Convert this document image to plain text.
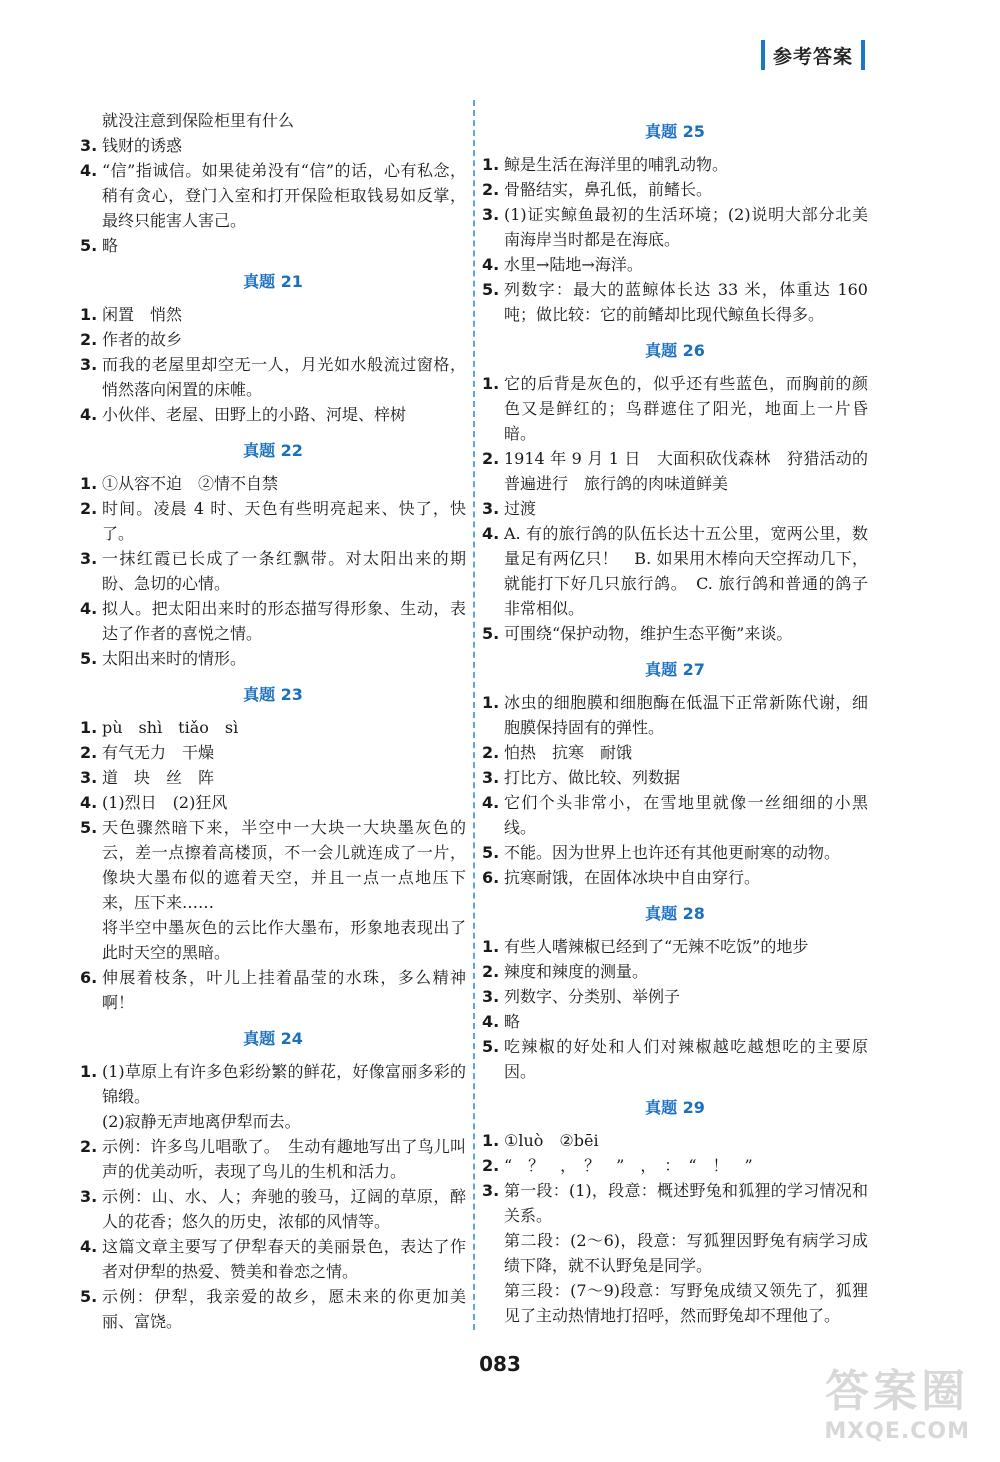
参考答案
就没注意到保险柜里有什么
3. 钱财的诱惑
4. “信”指诚信。如果徒弟没有“信”的话，心有私念，稍有贪心，登门入室和打开保险柜取钱易如反掌，最终只能害人害己。
5. 略
真题 21
1. 闲置　悄然
2. 作者的故乡
3. 而我的老屋里却空无一人，月光如水般流过窗格，悄然落向闲置的床帷。
4. 小伙伴、老屋、田野上的小路、河堤、梓树
真题 22
1. ①从容不迫　②情不自禁
2. 时间。凌晨 4 时、天色有些明亮起来、快了，快了。
3. 一抹红霞已长成了一条红飘带。对太阳出来的期盼、急切的心情。
4. 拟人。把太阳出来时的形态描写得形象、生动，表达了作者的喜悦之情。
5. 太阳出来时的情形。
真题 23
1. pù　shì　tiǎo　sì
2. 有气无力　干燥
3. 道　块　丝　阵
4. (1)烈日　(2)狂风
5. 天色骤然暗下来，半空中一大块一大块墨灰色的云，差一点擦着高楼顶，不一会儿就连成了一片，像块大墨布似的遮着天空，并且一点一点地压下来，压下来……
将半空中墨灰色的云比作大墨布，形象地表现出了此时天空的黑暗。
6. 伸展着枝条，叶儿上挂着晶莹的水珠，多么精神啊！
真题 24
1. (1)草原上有许多色彩纷繁的鲜花，好像富丽多彩的锦缎。
(2)寂静无声地离伊犁而去。
2. 示例：许多鸟儿唱歌了。　生动有趣地写出了鸟儿叫声的优美动听，表现了鸟儿的生机和活力。
3. 示例：山、水、人；奔驰的骏马，辽阔的草原，醉人的花香；悠久的历史，浓郁的风情等。
4. 这篇文章主要写了伊犁春天的美丽景色，表达了作者对伊犁的热爱、赞美和眷恋之情。
5. 示例：伊犁，我亲爱的故乡，愿未来的你更加美丽、富饶。
真题 25
1. 鲸是生活在海洋里的哺乳动物。
2. 骨骼结实，鼻孔低，前鳍长。
3. (1)证实鲸鱼最初的生活环境；(2)说明大部分北美南海岸当时都是在海底。
4. 水里→陆地→海洋。
5. 列数字：最大的蓝鲸体长达 33 米，体重达 160 吨；做比较：它的前鳍却比现代鲸鱼长得多。
真题 26
1. 它的后背是灰色的，似乎还有些蓝色，而胸前的颜色又是鲜红的；鸟群遮住了阳光，地面上一片昏暗。
2. 1914 年 9 月 1 日　大面积砍伐森林　狩猎活动的普遍进行　旅行鸽的肉味道鲜美
3. 过渡
4. A. 有的旅行鸽的队伍长达十五公里，宽两公里，数量足有两亿只！　B. 如果用木棒向天空挥动几下，就能打下好几只旅行鸽。　C. 旅行鸽和普通的鸽子非常相似。
5. 可围绕“保护动物，维护生态平衡”来谈。
真题 27
1. 冰虫的细胞膜和细胞酶在低温下正常新陈代谢，细胞膜保持固有的弹性。
2. 怕热　抗寒　耐饿
3. 打比方、做比较、列数据
4. 它们个头非常小，在雪地里就像一丝细细的小黑线。
5. 不能。因为世界上也许还有其他更耐寒的动物。
6. 抗寒耐饿，在固体冰块中自由穿行。
真题 28
1. 有些人嗜辣椒已经到了“无辣不吃饭”的地步
2. 辣度和辣度的测量。
3. 列数字、分类别、举例子
4. 略
5. 吃辣椒的好处和人们对辣椒越吃越想吃的主要原因。
真题 29
1. ①luò　②bēi
2. “　？　，　？　”　，　：　“　！　”
3. 第一段：(1)，段意：概述野兔和狐狸的学习情况和关系。
第二段：(2～6)，段意：写狐狸因野兔有病学习成绩下降，就不认野兔是同学。
第三段：(7～9)段意：写野兔成绩又领先了，狐狸见了主动热情地打招呼，然而野兔却不理他了。
083
答案圈
MXQE.COM
